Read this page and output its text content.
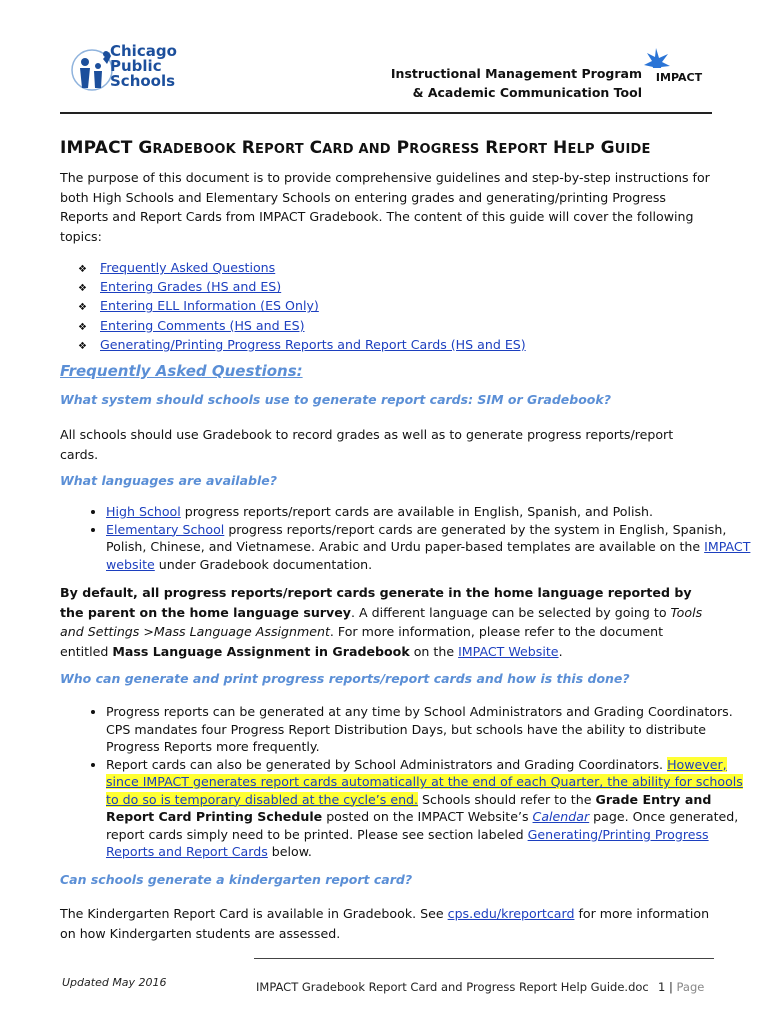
Chicago
Public
Schools	Instructional Management Program
& Academic Communication Tool
IMPACT
IMPACT GRADEBOOK REPORT CARD AND PROGRESS REPORT HELP GUIDE
The purpose of this document is to provide comprehensive guidelines and step-by-step instructions for both High Schools and Elementary Schools on entering grades and generating/printing Progress Reports and Report Cards from IMPACT Gradebook. The content of this guide will cover the following topics:
❖ Frequently Asked Questions
❖ Entering Grades (HS and ES)
❖ Entering ELL Information (ES Only)
❖ Entering Comments (HS and ES)
❖ Generating/Printing Progress Reports and Report Cards (HS and ES)
Frequently Asked Questions:
What system should schools use to generate report cards: SIM or Gradebook?
All schools should use Gradebook to record grades as well as to generate progress reports/report cards.
What languages are available?
• High School progress reports/report cards are available in English, Spanish, and Polish.
• Elementary School progress reports/report cards are generated by the system in English, Spanish, Polish, Chinese, and Vietnamese. Arabic and Urdu paper-based templates are available on the IMPACT website under Gradebook documentation.
By default, all progress reports/report cards generate in the home language reported by the parent on the home language survey. A different language can be selected by going to Tools and Settings >Mass Language Assignment. For more information, please refer to the document entitled Mass Language Assignment in Gradebook on the IMPACT Website.
Who can generate and print progress reports/report cards and how is this done?
• Progress reports can be generated at any time by School Administrators and Grading Coordinators. CPS mandates four Progress Report Distribution Days, but schools have the ability to distribute Progress Reports more frequently.
• Report cards can also be generated by School Administrators and Grading Coordinators. However, since IMPACT generates report cards automatically at the end of each Quarter, the ability for schools to do so is temporary disabled at the cycle’s end. Schools should refer to the Grade Entry and Report Card Printing Schedule posted on the IMPACT Website’s Calendar page. Once generated, report cards simply need to be printed. Please see section labeled Generating/Printing Progress Reports and Report Cards below.
Can schools generate a kindergarten report card?
The Kindergarten Report Card is available in Gradebook. See cps.edu/kreportcard for more information on how Kindergarten students are assessed.
Updated May 2016	IMPACT Gradebook Report Card and Progress Report Help Guide.doc 1 | Page
